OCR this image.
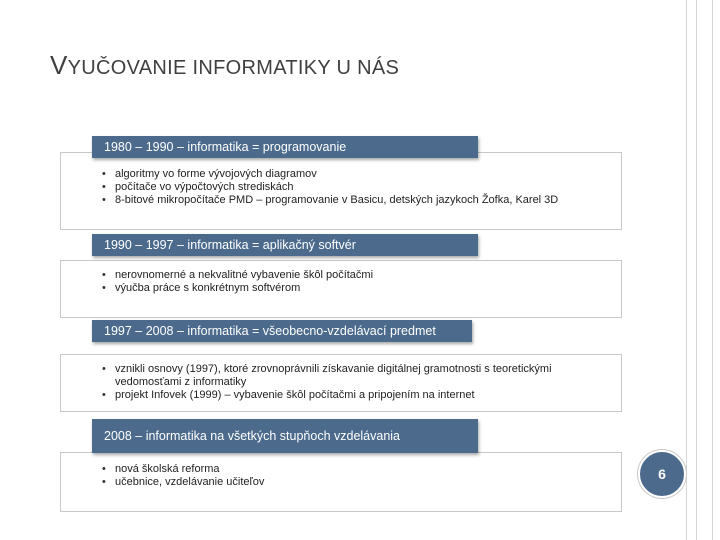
VYUČOVANIE INFORMATIKY U NÁS
• algoritmy vo forme vývojových diagramov
• počítače vo výpočtových strediskách
• 8-bitové mikropočítače PMD – programovanie v Basicu, detských jazykoch Žofka, Karel 3D
1980 – 1990 – informatika = programovanie
• nerovnomerné a nekvalitné vybavenie škôl počítačmi
• výučba práce s konkrétnym softvérom
1990 – 1997 – informatika = aplikačný softvér
• vznikli osnovy (1997), ktoré zrovnoprávnili získavanie digitálnej gramotnosti s teoretickými vedomosťami z informatiky
• projekt Infovek (1999) – vybavenie škôl počítačmi a pripojením na internet
1997 – 2008 – informatika = všeobecno-vzdelávací predmet
• nová školská reforma
• učebnice, vzdelávanie učiteľov
2008 – informatika na všetkých stupňoch vzdelávania
6
